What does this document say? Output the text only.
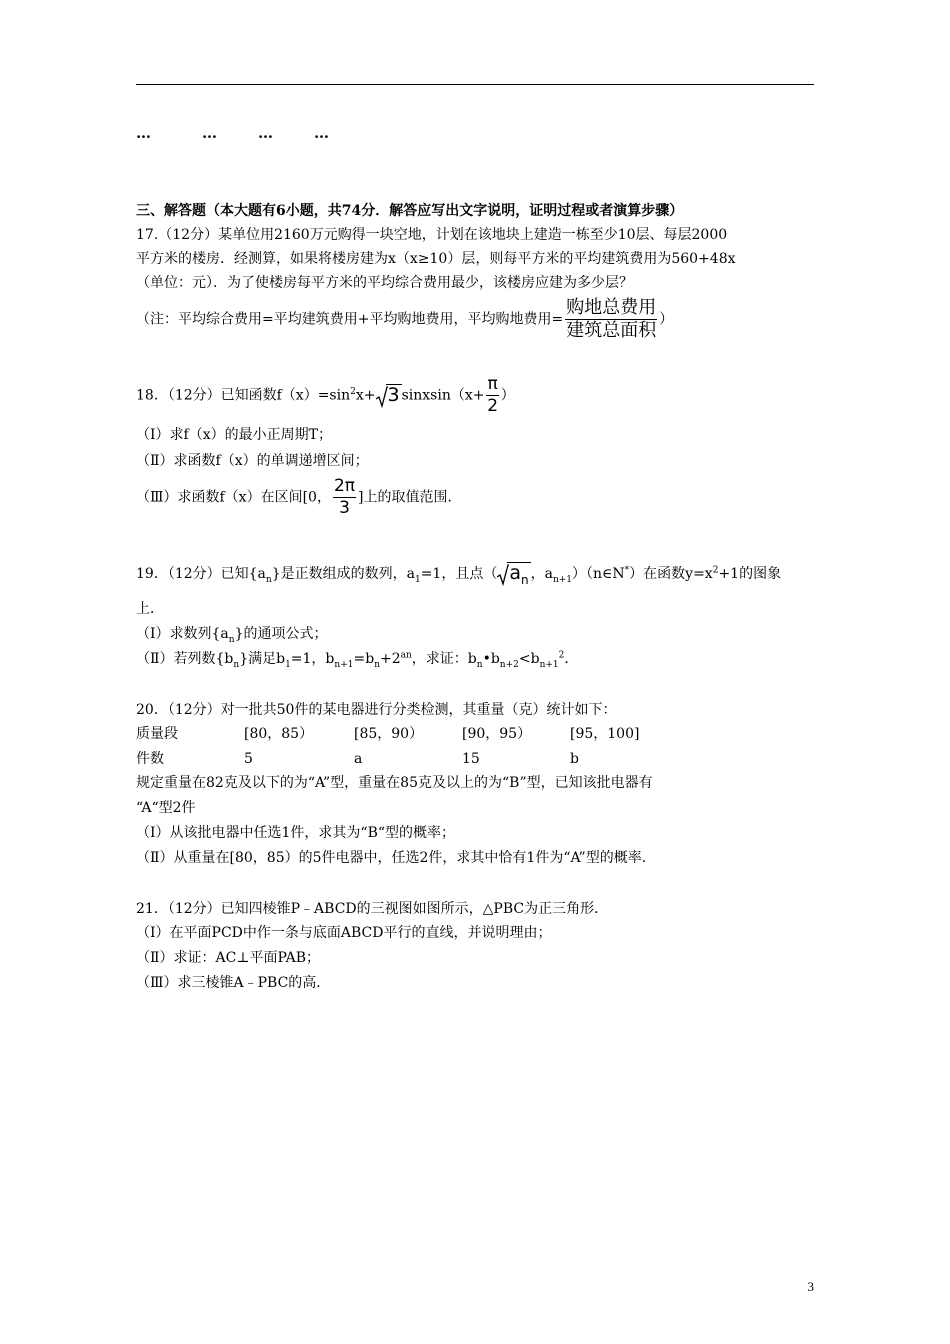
…	…	…	…
三、解答题（本大题有6小题，共74分．解答应写出文字说明，证明过程或者演算步骤）
17.（12分）某单位用2160万元购得一块空地，计划在该地块上建造一栋至少10层、每层2000
平方米的楼房．经测算，如果将楼房建为x（x≥10）层，则每平方米的平均建筑费用为560+48x
（单位：元）．为了使楼房每平方米的平均综合费用最少，该楼房应建为多少层？
（注：平均综合费用=平均建筑费用+平均购地费用，平均购地费用= $\frac{\text{购地总费用}}{\text{建筑总面积}}$ ）
18．（12分）已知函数$f(x)=\sin^2x+ 3$ sinxsin（x+ $\frac{\pi}{2}$ ）
（Ⅰ）求f（x）的最小正周期T；
（Ⅱ）求函数f（x）的单调递增区间；
（Ⅲ）求函数f（x）在区间[0， $\frac{2\pi}{3}$ ]上的取值范围．
19．（12分）已知$\{a_n\}$是正数组成的数列，$a_1=1$，且点（ $a_n$ ，$a_{n+1})(n\in N^*)$在函数$y=x^2+1$的图象
上．
（Ⅰ）求数列$\{a_n\}$的通项公式；
（Ⅱ）若列数$\{b_n\}$满足$b_1=1$，$b_{n+1}=b_n+2^{an}$，求证：$b_n•b_{n+2}<b_{n+1}^2$．
20．（12分）对一批共50件的某电器进行分类检测，其重量（克）统计如下：
质量段	[80，85）	[85，90）	[90，95）	[95，100]
件数	5	a	15	b
规定重量在82克及以下的为“A”型，重量在85克及以上的为“B”型，已知该批电器有
“A“型2件
（Ⅰ）从该批电器中任选1件，求其为“B“型的概率；
（Ⅱ）从重量在[80，85）的5件电器中，任选2件，求其中恰有1件为“A”型的概率．
21．（12分）已知四棱锥P﹣ABCD的三视图如图所示，△PBC为正三角形．
（Ⅰ）在平面PCD中作一条与底面ABCD平行的直线，并说明理由；
（Ⅱ）求证：AC⊥平面PAB；
（Ⅲ）求三棱锥A﹣PBC的高．
3
